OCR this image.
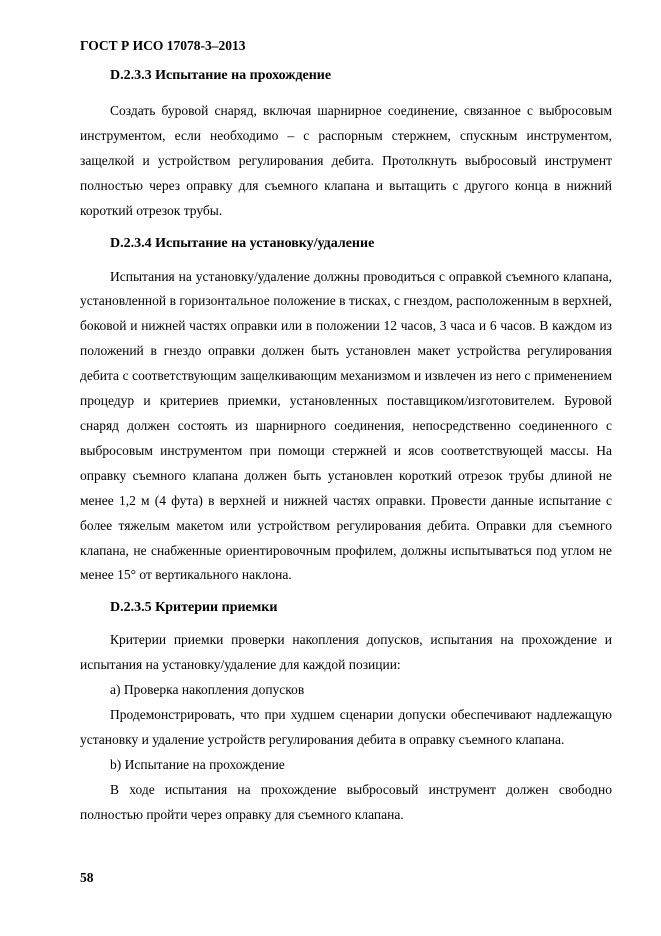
ГОСТ Р ИСО 17078-3–2013
D.2.3.3 Испытание на прохождение

Создать буровой снаряд, включая шарнирное соединение, связанное с выбросовым инструментом, если необходимо – с распорным стержнем, спускным инструментом, защелкой и устройством регулирования дебита. Протолкнуть выбросовый инструмент полностью через оправку для съемного клапана и вытащить с другого конца в нижний короткий отрезок трубы.

D.2.3.4 Испытание на установку/удаление

Испытания на установку/удаление должны проводиться с оправкой съемного клапана, установленной в горизонтальное положение в тисках, с гнездом, расположенным в верхней, боковой и нижней частях оправки или в положении 12 часов, 3 часа и 6 часов. В каждом из положений в гнездо оправки должен быть установлен макет устройства регулирования дебита с соответствующим защелкивающим механизмом и извлечен из него с применением процедур и критериев приемки, установленных поставщиком/изготовителем. Буровой снаряд должен состоять из шарнирного соединения, непосредственно соединенного с выбросовым инструментом при помощи стержней и ясов соответствующей массы. На оправку съемного клапана должен быть установлен короткий отрезок трубы длиной не менее 1,2 м (4 фута) в верхней и нижней частях оправки. Провести данные испытание с более тяжелым макетом или устройством регулирования дебита. Оправки для съемного клапана, не снабженные ориентировочным профилем, должны испытываться под углом не менее 15° от вертикального наклона.

D.2.3.5 Критерии приемки

Критерии приемки проверки накопления допусков, испытания на прохождение и испытания на установку/удаление для каждой позиции:

a) Проверка накопления допусков

Продемонстрировать, что при худшем сценарии допуски обеспечивают надлежащую установку и удаление устройств регулирования дебита в оправку съемного клапана.

b) Испытание на прохождение

В ходе испытания на прохождение выбросовый инструмент должен свободно полностью пройти через оправку для съемного клапана.

58
